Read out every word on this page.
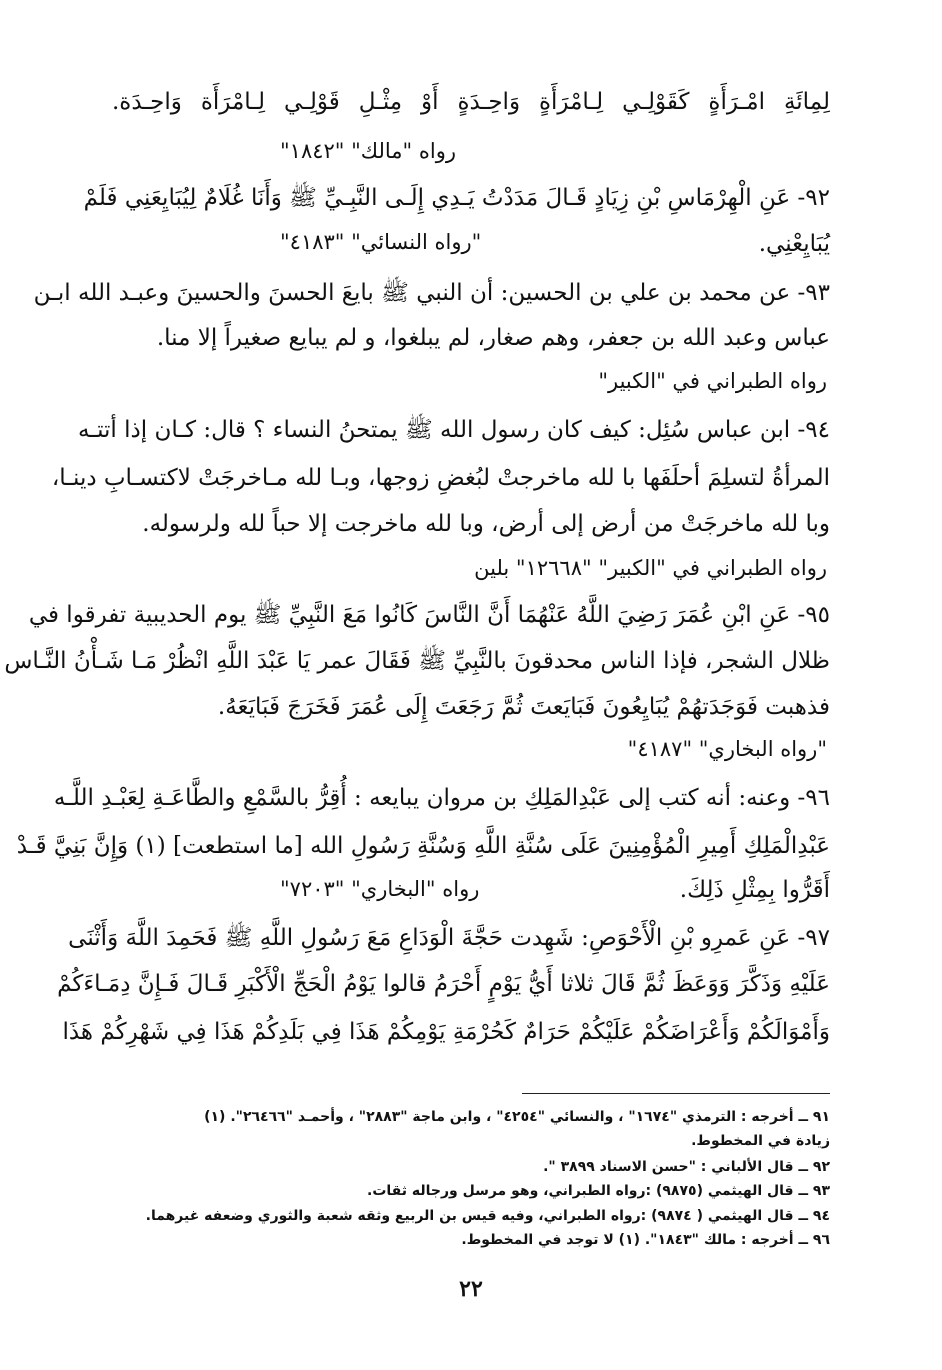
لِمِائَةِ امْـرَأَةٍ كَقَوْلِـي لِـامْرَأَةٍ وَاحِـدَةٍ أَوْ مِثْـلِ قَوْلِـي لِـامْرَأَة وَاحِـدَة.
رواه "مالك" "١٨٤٢"
٩٢- عَنِ الْهِرْمَاسِ بْنِ زِيَادٍ قَـالَ مَدَدْتُ يَـدِي إِلَـى النَّبِـيِّ ﷺ وَأَنَا غُلَامٌ لِيُبَايِعَنِي فَلَمْ
"رواه النسائي" "٤١٨٣"	يُبَايِعْنِي.
٩٣- عن محمد بن علي بن الحسين: أن النبي ﷺ بايعَ الحسنَ والحسينَ وعبـد الله ابـن
عباس وعبد الله بن جعفر، وهم صغار، لم يبلغوا، و لم يبايع صغيراً إلا منا.
رواه الطبراني في "الكبير"
٩٤- ابن عباس سُئِل: كيف كان رسول الله ﷺ يمتحنُ النساء ؟ قال: كـان إذا أتتـه
المرأةُ لتسلِمَ أحلَفَها با لله ماخرجتْ لبُغضِ زوجها، وبـا لله مـاخرجَتْ لاكتسـابِ دينـا،
وبا لله ماخرجَتْ من أرض إلى أرض، وبا لله ماخرجت إلا حباً لله ولرسوله.
رواه الطبراني في "الكبير" "١٢٦٦٨" بلين
٩٥- عَنِ ابْنِ عُمَرَ رَضِيَ اللَّهُ عَنْهُمَا أَنَّ النَّاسَ كَانُوا مَعَ النَّبِيِّ ﷺ يوم الحديبية تفرقوا في
ظلال الشجر، فإذا الناس محدقونَ بالنَّبِيِّ ﷺ فَقَالَ عمر يَا عَبْدَ اللَّهِ انْظُرْ مَـا شَـأْنُ النَّـاس
فذهبت فَوَجَدَتهُمْ يُبَايِعُونَ فَبَايَعتَ ثُمَّ رَجَعَتَ إِلَى عُمَرَ فَخَرَجَ فَبَايَعَهُ.
"رواه البخاري" "٤١٨٧"
٩٦- وعنه: أنه كتب إلى عَبْدِالمَلِكِ بن مروان يبايعه : أُقِرُّ بالسَّمْعِ والطَّاعَـةِ لِعَبْـدِ اللَّـه
عَبْدِالْمَلِكِ أَمِيرِ الْمُؤْمِنِينَ عَلَى سُنَّةِ اللَّهِ وَسُنَّةِ رَسُولِ الله [ما استطعت] (١) وَإِنَّ بَنِيَّ قَـدْ
رواه "البخاري" "٧٢٠٣"	أَقَرُّوا بِمِثْلِ ذَلِكَ.
٩٧- عَنِ عَمرِو بْنِ الْأَحْوَصِ: شَهِدت حَجَّةَ الْوَدَاعِ مَعَ رَسُولِ اللَّهِ ﷺ فَحَمِدَ اللَّهَ وَأَثْنَى
عَلَيْهِ وَذَكَّرَ وَوَعَظَ ثُمَّ قَالَ ثلاثا أَيُّ يَوْمٍ أَحْرَمُ قالوا يَوْمُ الْحَجِّ الْأَكْبَرِ قَـالَ فَـإِنَّ دِمَـاءَكُمْ
وَأَمْوَالَكُمْ وَأَعْرَاضَكُمْ عَلَيْكُمْ حَرَامٌ كَحُرْمَةِ يَوْمِكُمْ هَذَا فِي بَلَدِكُمْ هَذَا فِي شَهْرِكُمْ هَذَا
٩١ ــ أخرجه : الترمذي "١٦٧٤" ، والنسائي "٤٢٥٤" ، وابن ماجة "٢٨٨٣" ، وأحمـد "٢٦٤٦٦". (١)
زيادة في المخطوط.
٩٢ ــ قال الألباني : "حسن الاسناد ٣٨٩٩ ".
٩٣ ــ قال الهيثمي (٩٨٧٥) :رواه الطبراني، وهو مرسل ورجاله ثقات.
٩٤ ــ قال الهيثمي ( ٩٨٧٤) :رواه الطبراني، وفيه قيس بن الربيع وثقه شعبة والثوري وضعفه غيرهما.
٩٦ ــ أخرجه : مالك "١٨٤٣". (١) لا توجد في المخطوط.
٢٢
